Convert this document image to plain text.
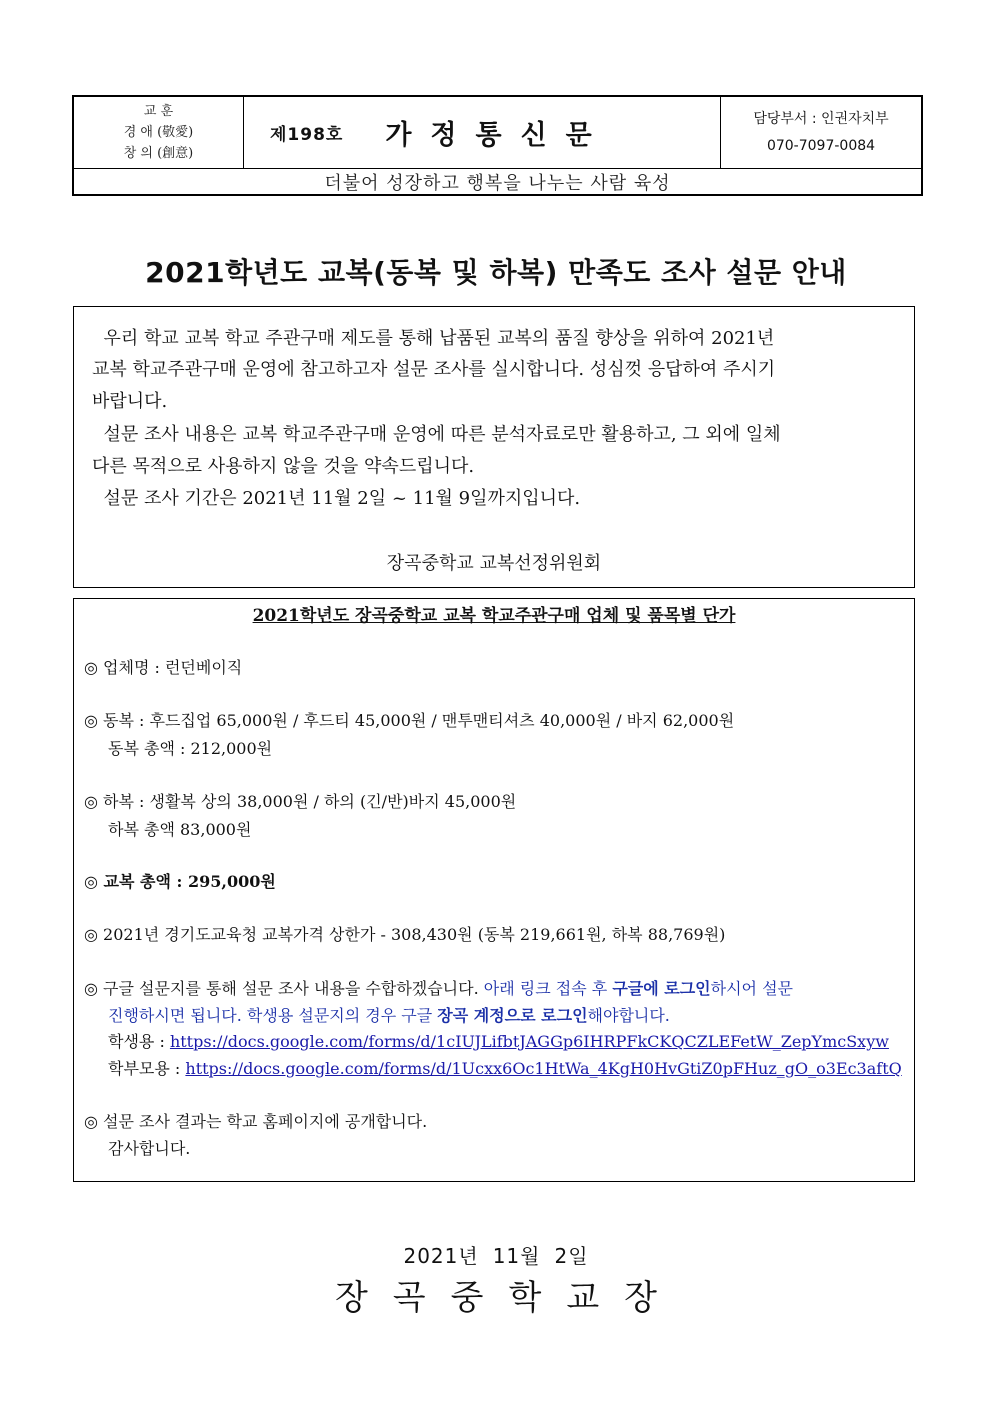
교 훈
경 애 (敬愛)
창 의 (創意)
제198호 가정통신문
담당부서 : 인권자치부
070-7097-0084
더불어 성장하고 행복을 나누는 사람 육성
2021학년도 교복(동복 및 하복) 만족도 조사 설문 안내
우리 학교 교복 학교 주관구매 제도를 통해 납품된 교복의 품질 향상을 위하여 2021년
교복 학교주관구매 운영에 참고하고자 설문 조사를 실시합니다. 성심껏 응답하여 주시기
바랍니다.
설문 조사 내용은 교복 학교주관구매 운영에 따른 분석자료로만 활용하고, 그 외에 일체
다른 목적으로 사용하지 않을 것을 약속드립니다.
설문 조사 기간은 2021년 11월 2일 ~ 11월 9일까지입니다.
장곡중학교 교복선정위원회
2021학년도 장곡중학교 교복 학교주관구매 업체 및 품목별 단가
◎ 업체명 : 런던베이직
◎ 동복 : 후드집업 65,000원 / 후드티 45,000원 / 맨투맨티셔츠 40,000원 / 바지 62,000원
동복 총액 : 212,000원
◎ 하복 : 생활복 상의 38,000원 / 하의 (긴/반)바지 45,000원
하복 총액 83,000원
◎ 교복 총액 : 295,000원
◎ 2021년 경기도교육청 교복가격 상한가 - 308,430원 (동복 219,661원, 하복 88,769원)
◎ 구글 설문지를 통해 설문 조사 내용을 수합하겠습니다. 아래 링크 접속 후 구글에 로그인하시어 설문
진행하시면 됩니다. 학생용 설문지의 경우 구글 장곡 계정으로 로그인해야합니다.
학생용 : https://docs.google.com/forms/d/1cIUJLifbtJAGGp6IHRPFkCKQCZLEFetW_ZepYmcSxyw
학부모용 : https://docs.google.com/forms/d/1Ucxx6Oc1HtWa_4KgH0HvGtiZ0pFHuz_gO_o3Ec3aftQ
◎ 설문 조사 결과는 학교 홈페이지에 공개합니다.
감사합니다.
2021년 11월 2일
장곡중학교장
